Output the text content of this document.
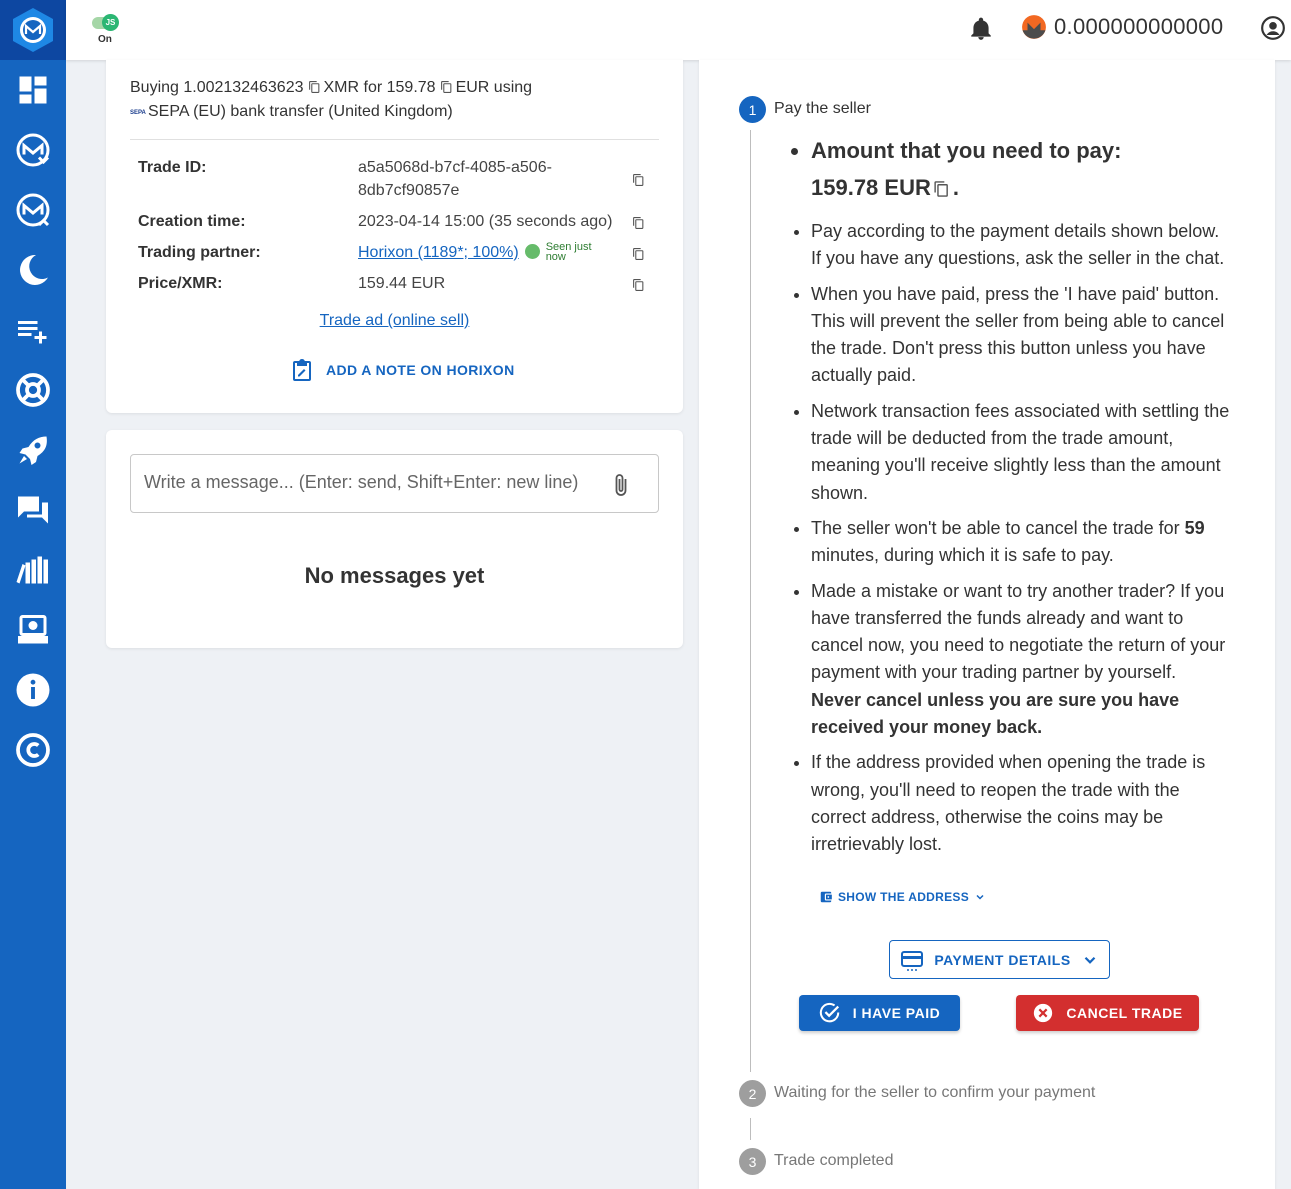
JS
On
0.000000000000
Buying 1.002132463623 XMR for 159.78 EUR using
SEPA SEPA (EU) bank transfer (United Kingdom)
Trade ID:	a5a5068d-b7cf-4085-a506-
8db7cf90857e
Creation time:	2023-04-14 15:00 (35 seconds ago)
Trading partner:	Horixon (1189*; 100%) Seen just now
Price/XMR:	159.44 EUR
Trade ad (online sell)
ADD A NOTE ON HORIXON
Write a message... (Enter: send, Shift+Enter: new line)
No messages yet
1	Pay the seller
• Amount that you need to pay:
159.78 EUR .
• Pay according to the payment details shown below. If you have any questions, ask the seller in the chat.
• When you have paid, press the 'I have paid' button. This will prevent the seller from being able to cancel the trade. Don't press this button unless you have actually paid.
• Network transaction fees associated with settling the trade will be deducted from the trade amount, meaning you'll receive slightly less than the amount shown.
• The seller won't be able to cancel the trade for 59 minutes, during which it is safe to pay.
• Made a mistake or want to try another trader? If you have transferred the funds already and want to cancel now, you need to negotiate the return of your payment with your trading partner by yourself. Never cancel unless you are sure you have received your money back.
• If the address provided when opening the trade is wrong, you'll need to reopen the trade with the correct address, otherwise the coins may be irretrievably lost.
SHOW THE ADDRESS
PAYMENT DETAILS
I HAVE PAID	CANCEL TRADE
2	Waiting for the seller to confirm your payment
3	Trade completed
